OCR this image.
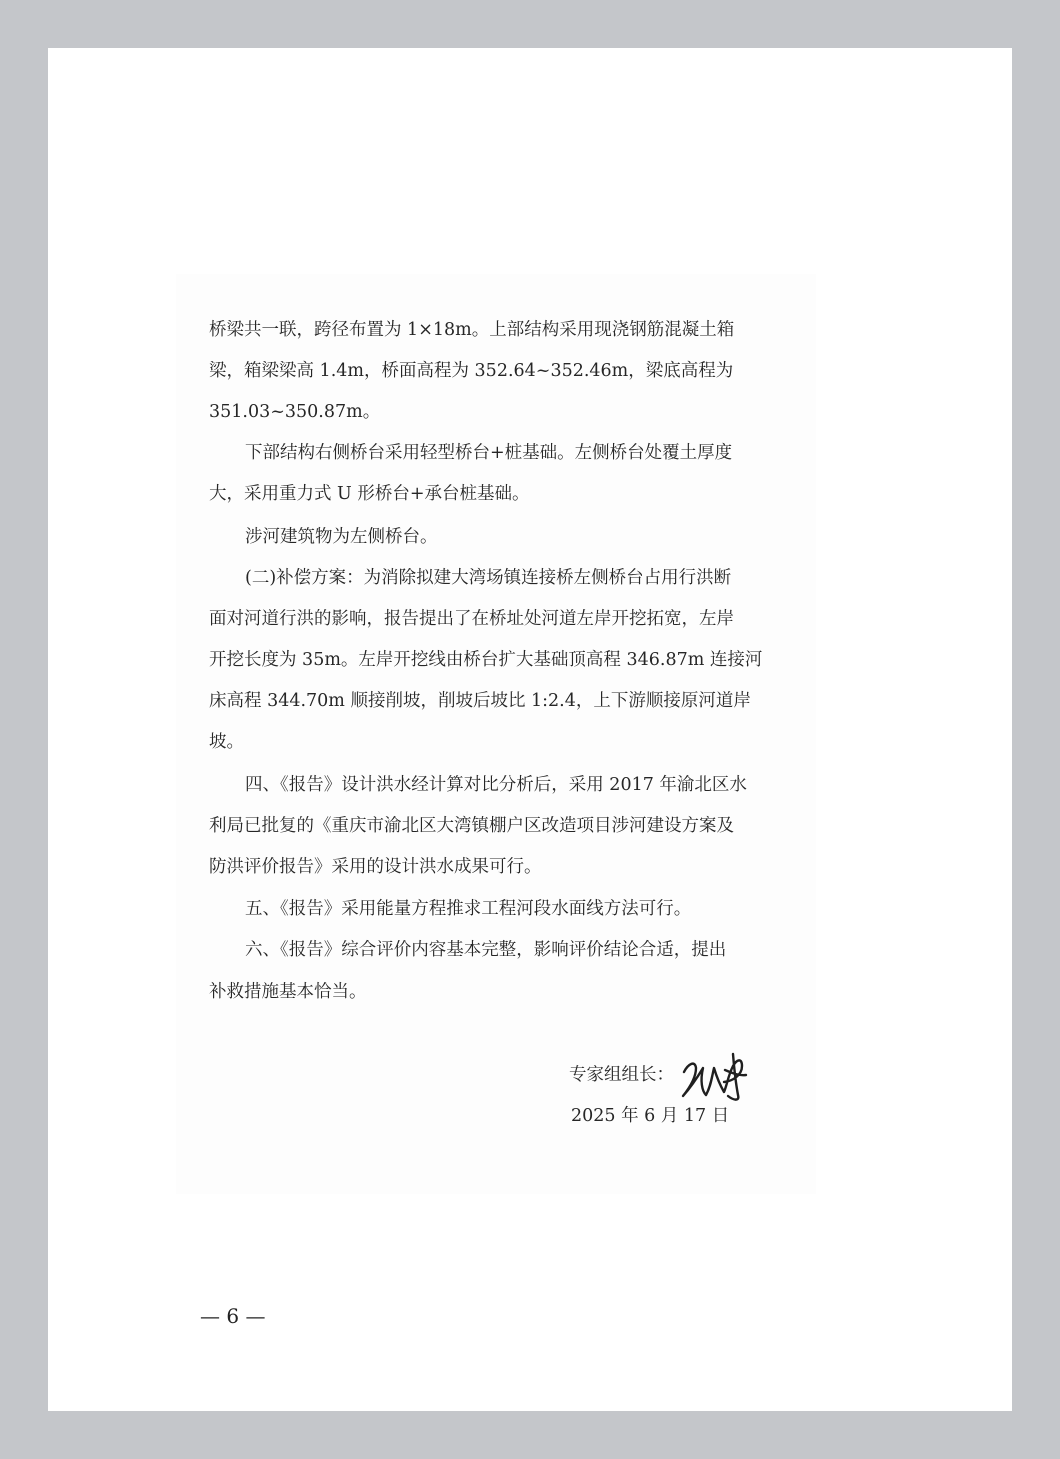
桥梁共一联，跨径布置为 1×18m。上部结构采用现浇钢筋混凝土箱
梁，箱梁梁高 1.4m，桥面高程为 352.64~352.46m，梁底高程为
351.03~350.87m。
下部结构右侧桥台采用轻型桥台+桩基础。左侧桥台处覆土厚度
大，采用重力式 U 形桥台+承台桩基础。
涉河建筑物为左侧桥台。
(二)补偿方案：为消除拟建大湾场镇连接桥左侧桥台占用行洪断
面对河道行洪的影响，报告提出了在桥址处河道左岸开挖拓宽，左岸
开挖长度为 35m。左岸开挖线由桥台扩大基础顶高程 346.87m 连接河
床高程 344.70m 顺接削坡，削坡后坡比 1:2.4，上下游顺接原河道岸
坡。
四、《报告》设计洪水经计算对比分析后，采用 2017 年渝北区水
利局已批复的《重庆市渝北区大湾镇棚户区改造项目涉河建设方案及
防洪评价报告》采用的设计洪水成果可行。
五、《报告》采用能量方程推求工程河段水面线方法可行。
六、《报告》综合评价内容基本完整，影响评价结论合适，提出
补救措施基本恰当。
专家组组长：
2025 年 6 月 17 日
— 6 —
